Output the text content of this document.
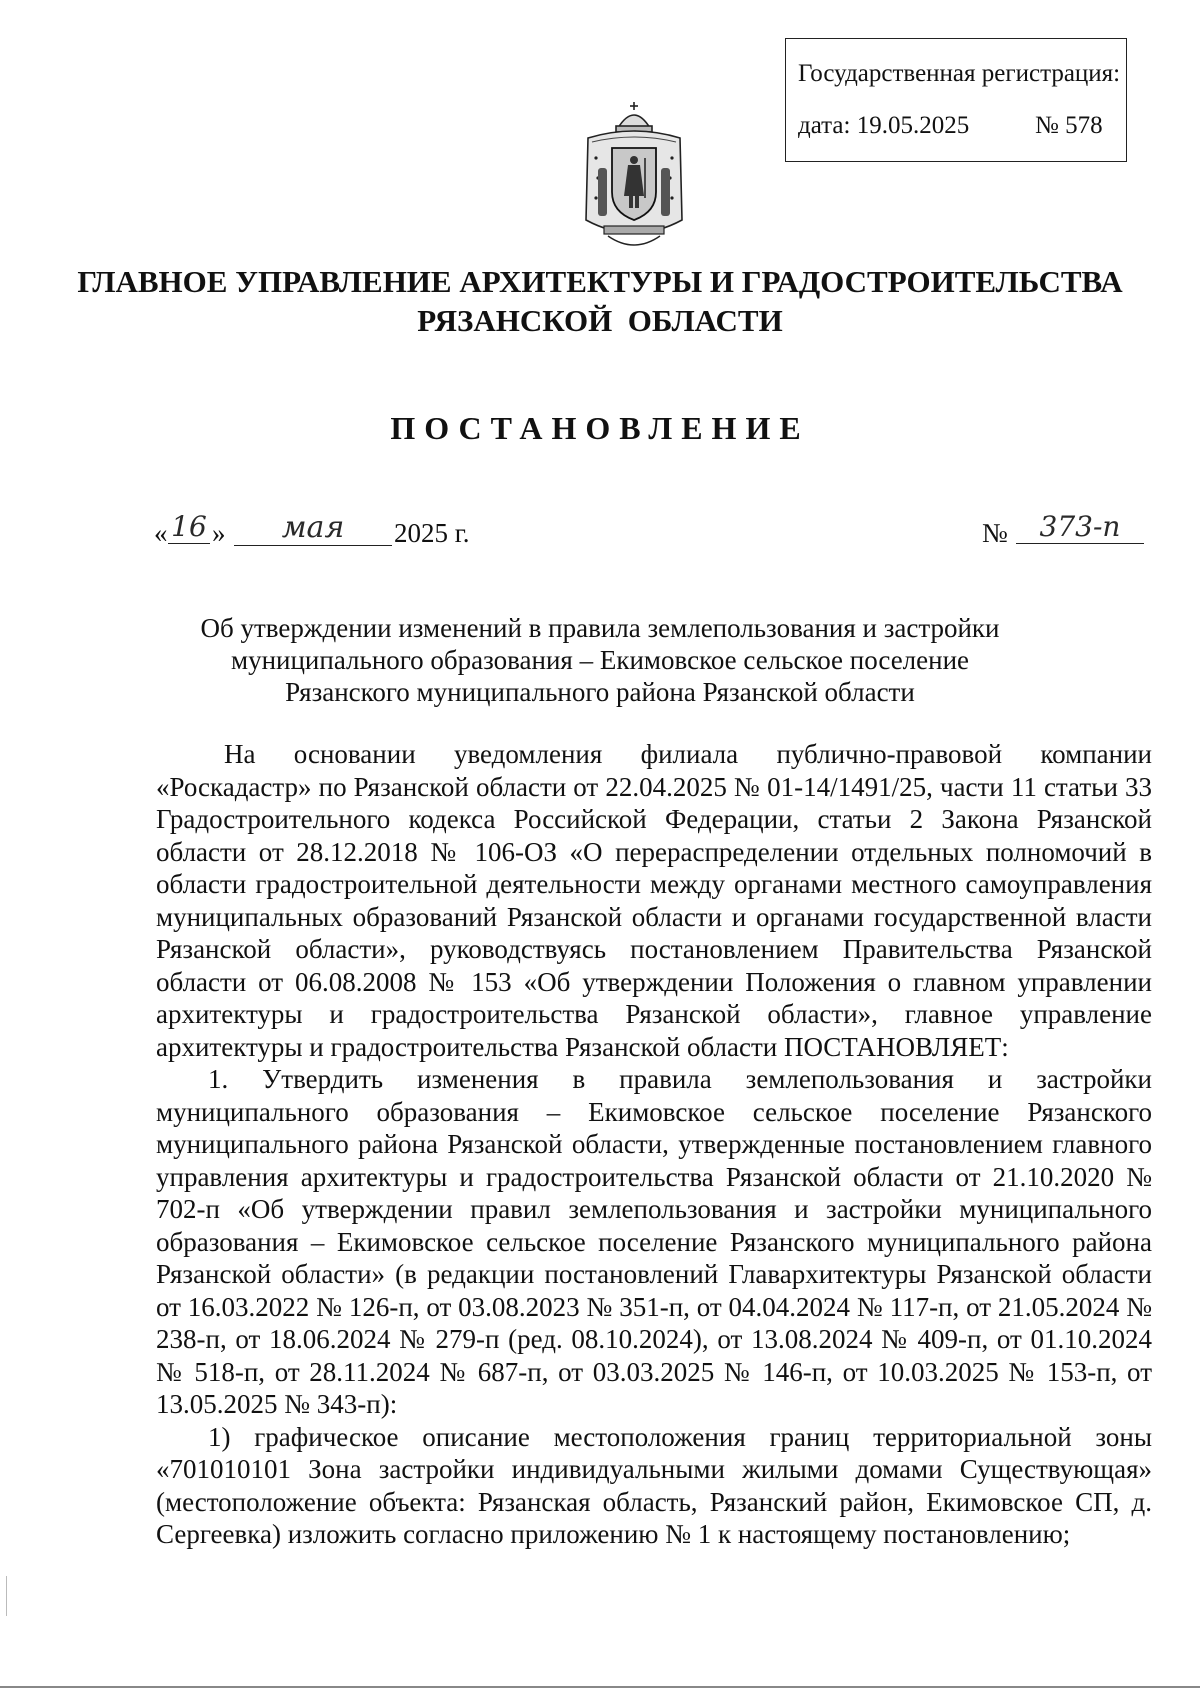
Государственная регистрация:
дата: 19.05.2025	№ 578
ГЛАВНОЕ УПРАВЛЕНИЕ АРХИТЕКТУРЫ И ГРАДОСТРОИТЕЛЬСТВА
РЯЗАНСКОЙ  ОБЛАСТИ
ПОСТАНОВЛЕНИЕ
« 16 »	мая	2025 г.	№	373-п
Об утверждении изменений в правила землепользования и застройки
муниципального образования – Екимовское сельское поселение
Рязанского муниципального района Рязанской области

На основании уведомления филиала публично-правовой компании «Роскадастр» по Рязанской области от 22.04.2025 № 01-14/1491/25, части 11 статьи 33 Градостроительного кодекса Российской Федерации, статьи 2 Закона Рязанской области от 28.12.2018 № 106-ОЗ «О перераспределении отдельных полномочий в области градостроительной деятельности между органами местного самоуправления муниципальных образований Рязанской области и органами государственной власти Рязанской области», руководствуясь постановлением Правительства Рязанской области от 06.08.2008 № 153 «Об утверждении Положения о главном управлении архитектуры и градостроительства Рязанской области», главное управление архитектуры и градостроительства Рязанской области ПОСТАНОВЛЯЕТ:

1. Утвердить изменения в правила землепользования и застройки муниципального образования – Екимовское сельское поселение Рязанского муниципального района Рязанской области, утвержденные постановлением главного управления архитектуры и градостроительства Рязанской области от 21.10.2020 № 702-п «Об утверждении правил землепользования и застройки муниципального образования – Екимовское сельское поселение Рязанского муниципального района Рязанской области» (в редакции постановлений Главархитектуры Рязанской области от 16.03.2022 № 126-п, от 03.08.2023 № 351-п, от 04.04.2024 № 117-п, от 21.05.2024 № 238-п, от 18.06.2024 № 279-п (ред. 08.10.2024), от 13.08.2024 № 409-п, от 01.10.2024 № 518-п, от 28.11.2024 № 687-п, от 03.03.2025 № 146-п, от 10.03.2025 № 153-п, от 13.05.2025 № 343-п):

1) графическое описание местоположения границ территориальной зоны «701010101 Зона застройки индивидуальными жилыми домами Существующая» (местоположение объекта: Рязанская область, Рязанский район, Екимовское СП, д. Сергеевка) изложить согласно приложению № 1 к настоящему постановлению;
